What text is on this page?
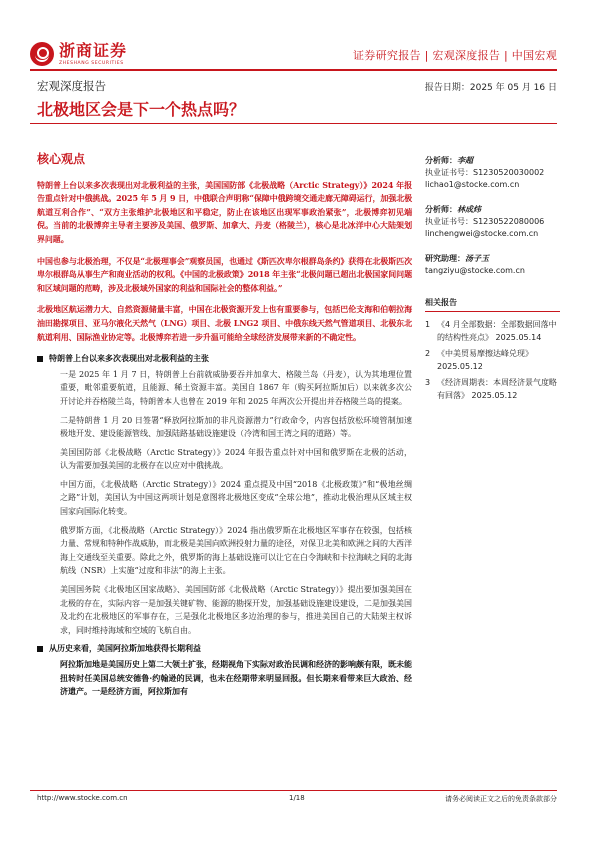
浙商证券
ZHESHANG SECURITIES
证券研究报告 | 宏观深度报告 | 中国宏观
宏观深度报告	报告日期：2025 年 05 月 16 日
北极地区会是下一个热点吗？
核心观点

特朗普上台以来多次表现出对北极利益的主张，美国国防部《北极战略（Arctic Strategy）》2024 年报告重点针对中俄挑战。2025 年 5 月 9 日，中俄联合声明称“保障中俄跨境交通走廊无障碍运行，加强北极航道互利合作”、“双方主张维护北极地区和平稳定，防止在该地区出现军事政治紧张”，北极博弈初见端倪。当前的北极博弈主导者主要涉及美国、俄罗斯、加拿大、丹麦（格陵兰），核心是北冰洋中心大陆架划界问题。

中国也参与北极治理，不仅是“北极理事会”观察员国，也通过《斯匹次卑尔根群岛条约》获得在北极斯匹次卑尔根群岛从事生产和商业活动的权利。《中国的北极政策》2018 年主张“北极问题已超出北极国家间问题和区域问题的范畴，涉及北极域外国家的利益和国际社会的整体利益。”

北极地区航运潜力大、自然资源储量丰富，中国在北极资源开发上也有重要参与，包括巴伦支海和伯朝拉海油田勘探项目、亚马尔液化天然气（LNG）项目、北极 LNG2 项目、中俄东线天然气管道项目、北极东北航道利用、国际渔业协定等。北极博弈若进一步升温可能给全球经济发展带来新的不确定性。

特朗普上台以来多次表现出对北极利益的主张

一是 2025 年 1 月 7 日，特朗普上台前就威胁要吞并加拿大、格陵兰岛（丹麦），认为其地理位置重要，毗邻重要航道，且能源、稀土资源丰富。美国自 1867 年（购买阿拉斯加后）以来就多次公开讨论并吞格陵兰岛，特朗普本人也曾在 2019 年和 2025 年两次公开提出并吞格陵兰岛的提案。

二是特朗普 1 月 20 日签署“释放阿拉斯加的非凡资源潜力”行政命令，内容包括放松环境管制加速极地开发、建设能源管线、加强陆路基础设施建设（冷湾和国王湾之间的道路）等。

美国国防部《北极战略（Arctic Strategy）》2024 年报告重点针对中国和俄罗斯在北极的活动，认为需要加强美国的北极存在以应对中俄挑战。

中国方面，《北极战略（Arctic Strategy）》2024 重点提及中国“2018《北极政策》”和“极地丝绸之路”计划，美国认为中国这两项计划是意图将北极地区变成“全球公地”，推动北极治理从区域主权国家向国际化转变。

俄罗斯方面，《北极战略（Arctic Strategy）》2024 指出俄罗斯在北极地区军事存在较强，包括核力量、常规和特种作战威胁，而北极是美国向欧洲投射力量的途径，对保卫北美和欧洲之间的大西洋海上交通线至关重要。除此之外，俄罗斯的海上基础设施可以让它在白令海峡和卡拉海峡之间的北海航线（NSR）上实施“过度和非法”的海上主张。

美国国务院《北极地区国家战略》、美国国防部《北极战略（Arctic Strategy）》提出要加强美国在北极的存在，实际内容一是加强关键矿物、能源的勘探开发，加强基础设施建设建设，二是加强美国及北约在北极地区的军事存在，三是强化北极地区多边治理的参与，推进美国自己的大陆架主权诉求，同时维持海域和空域的飞航自由。

从历史来看，美国阿拉斯加地获得长期利益

阿拉斯加地是美国历史上第二大领土扩张，经期视角下实际对政治民调和经济的影响颇有限，既未能扭转时任美国总统安德鲁·约翰逊的民调，也未在经期带来明显回报。但长期来看带来巨大政治、经济遗产。一是经济方面，阿拉斯加有

分析师：李超
执业证书号：S1230520030002
lichao1@stocke.com.cn
分析师：林成炜
执业证书号：S1230522080006
linchengwei@stocke.com.cn
研究助理：汤子玉
tangziyu@stocke.com.cn
相关报告
1 《4 月全部数据：全部数据回落中的结构性亮点》 2025.05.14
2 《中美贸易摩擦达峰兑现》 2025.05.12
3 《经济周期表：本周经济景气度略有回落》 2025.05.12
http://www.stocke.com.cn	1/18	请务必阅读正文之后的免责条款部分
